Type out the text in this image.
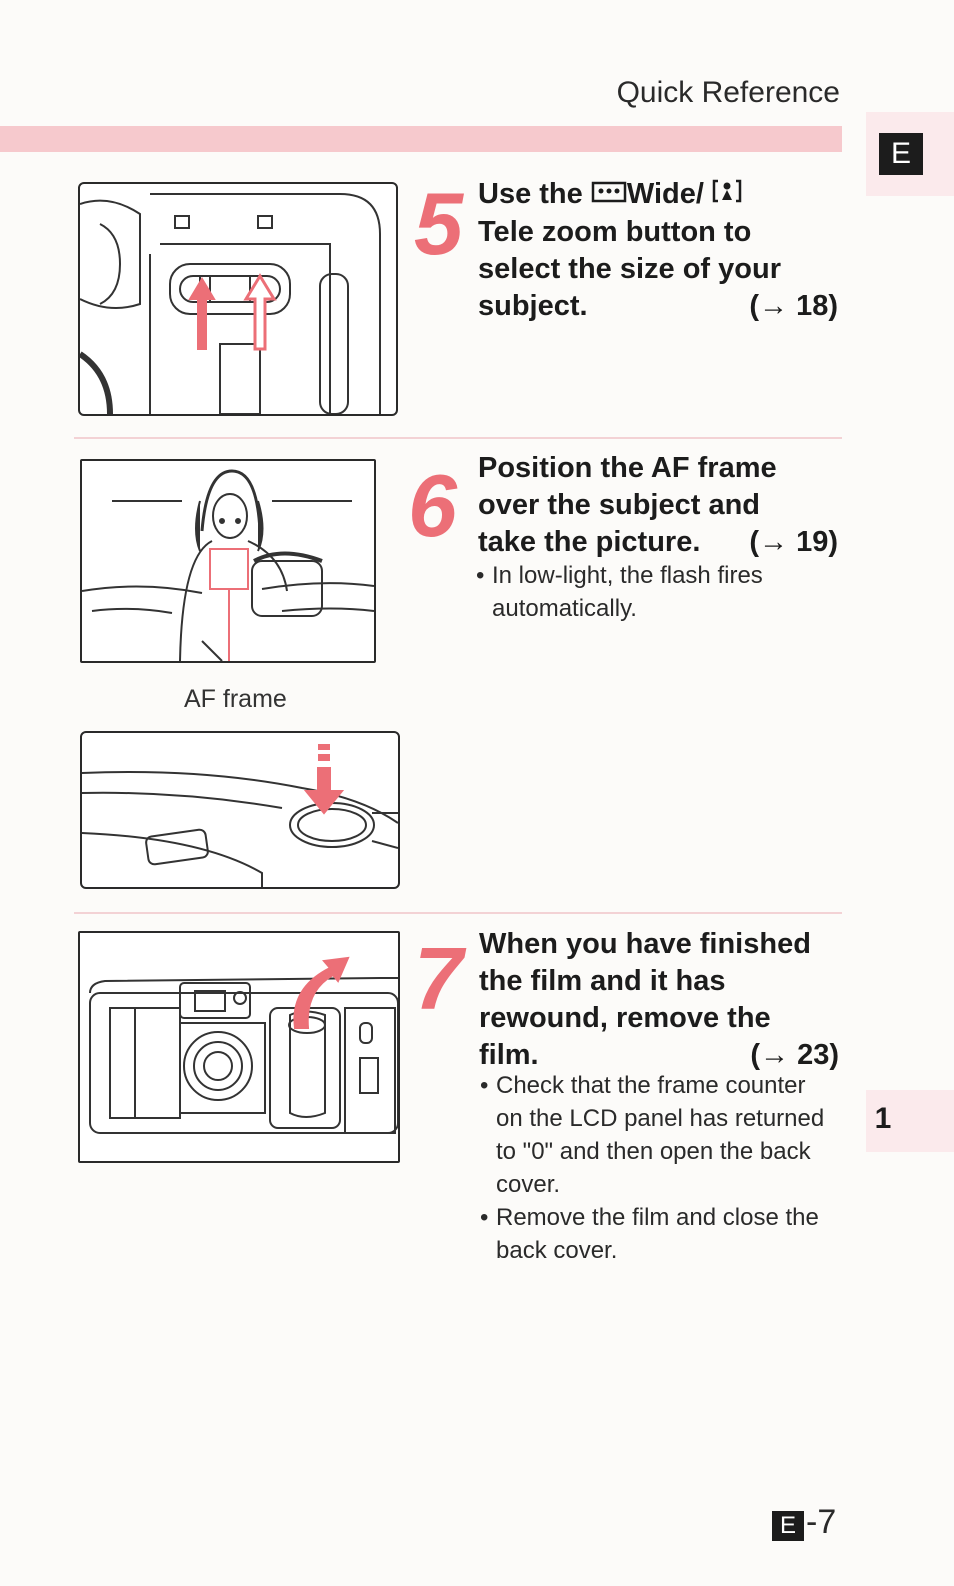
Quick Reference
E
5 Use the Wide/
Tele zoom button to
select the size of your
subject.	(→ 18)
AF frame
6 Position the AF frame
over the subject and
take the picture. (→ 19)
• In low-light, the flash fires automatically.
7 When you have finished
the film and it has
rewound, remove the
film.	(→ 23)
• Check that the frame counter on the LCD panel has returned to "0" and then open the back cover.
• Remove the film and close the back cover.
1
E -7
